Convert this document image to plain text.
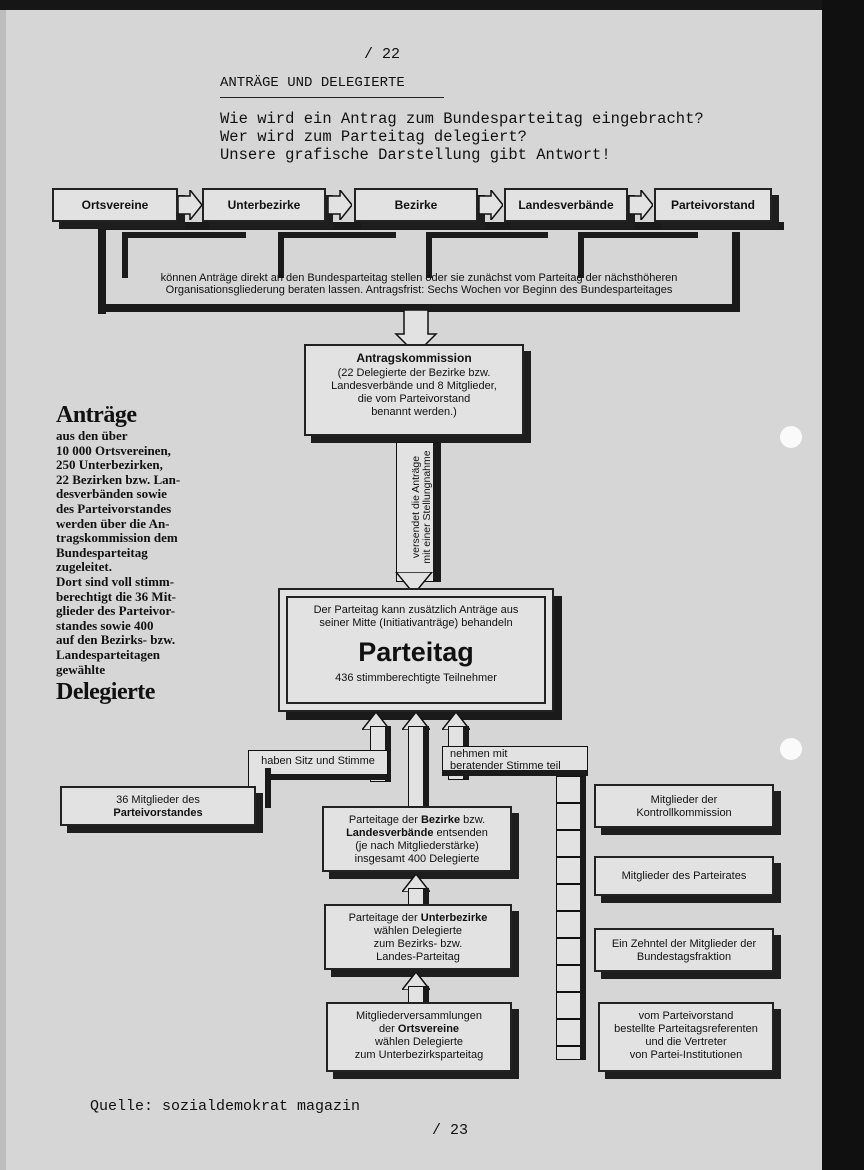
/ 22
ANTRÄGE UND DELEGIERTE
Wie wird ein Antrag zum Bundesparteitag eingebracht?
Wer wird zum Parteitag delegiert?
Unsere grafische Darstellung gibt Antwort!
Ortsvereine	Unterbezirke	Bezirke	Landesverbände	Parteivorstand
können Anträge direkt an den Bundesparteitag stellen oder sie zunächst vom Parteitag der nächsthöheren
Organisationsgliederung beraten lassen. Antragsfrist: Sechs Wochen vor Beginn des Bundesparteitages
Antragskommission
(22 Delegierte der Bezirke bzw.
Landesverbände und 8 Mitglieder,
die vom Parteivorstand
benannt werden.)
versendet die Anträge mit einer Stellungnahme
Anträge
aus den über
10 000 Ortsvereinen,
250 Unterbezirken,
22 Bezirken bzw. Lan-
desverbänden sowie
des Parteivorstandes
werden über die An-
tragskommission dem
Bundesparteitag
zugeleitet.
Dort sind voll stimm-
berechtigt die 36 Mit-
glieder des Parteivor-
standes sowie 400
auf den Bezirks- bzw.
Landesparteitagen
gewählte
Delegierte
Der Parteitag kann zusätzlich Anträge aus
seiner Mitte (Initiativanträge) behandeln
Parteitag
436 stimmberechtigte Teilnehmer
haben Sitz und Stimme
36 Mitglieder des
Parteivorstandes
Parteitage der Bezirke bzw.
Landesverbände entsenden
(je nach Mitgliederstärke)
insgesamt 400 Delegierte
Parteitage der Unterbezirke
wählen Delegierte
zum Bezirks- bzw.
Landes-Parteitag
Mitgliederversammlungen
der Ortsvereine
wählen Delegierte
zum Unterbezirksparteitag
nehmen mit
beratender Stimme teil
Mitglieder der
Kontrollkommission
Mitglieder des Parteirates
Ein Zehntel der Mitglieder der
Bundestagsfraktion
vom Parteivorstand
bestellte Parteitagsreferenten
und die Vertreter
von Partei-Institutionen
Quelle: sozialdemokrat magazin
/ 23
